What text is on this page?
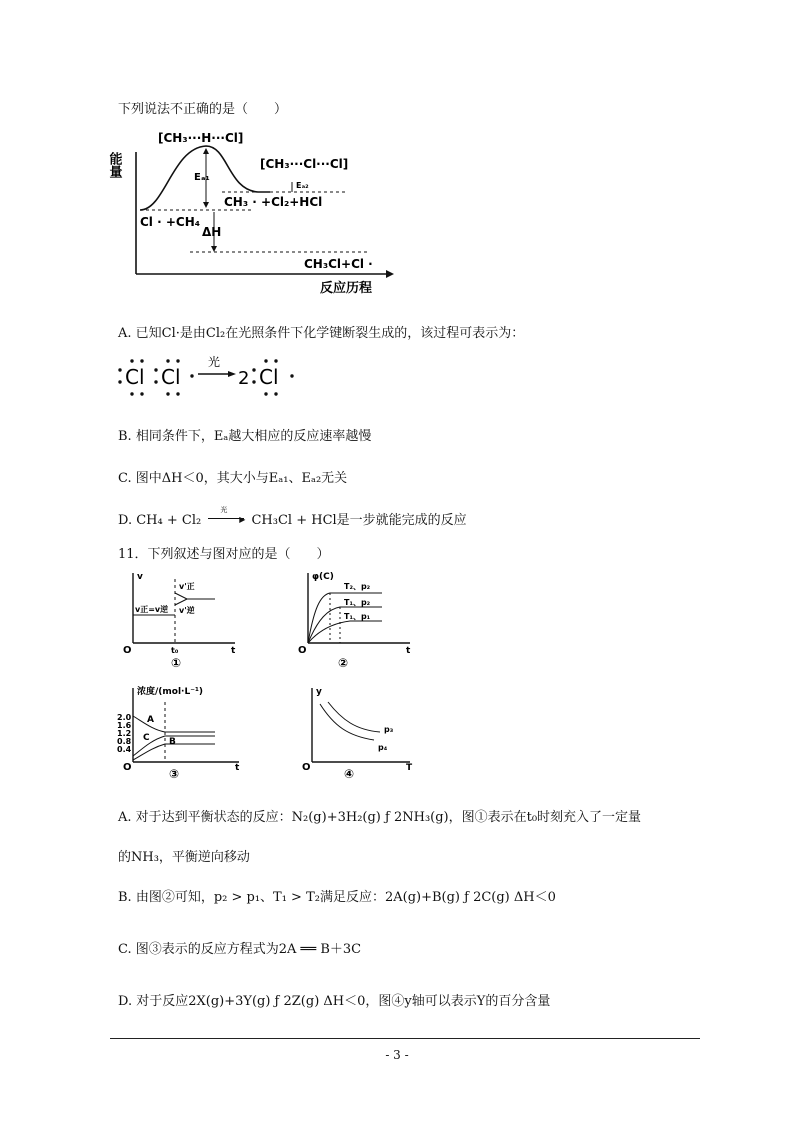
下列说法不正确的是（　　）
能量
反应历程
[CH₃···H···Cl]
[CH₃···Cl···Cl]
Eₐ₁
Eₐ₂
CH₃ · +Cl₂+HCl
Cl · +CH₄
ΔH
CH₃Cl+Cl ·
A. 已知Cl·是由Cl₂在光照条件下化学键断裂生成的，该过程可表示为：
Cl Cl
光
2 Cl
B. 相同条件下，Eₐ越大相应的反应速率越慢
C. 图中ΔH＜0，其大小与Eₐ₁、Eₐ₂无关
D. CH₄ + Cl₂
光
▶ CH₃Cl + HCl是一步就能完成的反应
11．下列叙述与图对应的是（　　）
v
O	t
v正=v逆
v'正
v'逆
t₀
①
φ(C)
O	t
T₂、p₂
T₁、p₂
T₁、p₁
②
浓度/(mol·L⁻¹)
O	t
2.0
1.6
1.2
0.8
0.4
A
B
C
③
y
O	T
p₃
p₄
④
A. 对于达到平衡状态的反应：N₂(g)+3H₂(g) ƒ 2NH₃(g)，图①表示在t₀时刻充入了一定量
的NH₃，平衡逆向移动
B. 由图②可知，p₂ > p₁、T₁ > T₂满足反应：2A(g)+B(g) ƒ 2C(g) ΔH＜0
C. 图③表示的反应方程式为2A ══ B＋3C
D. 对于反应2X(g)+3Y(g) ƒ 2Z(g) ΔH＜0，图④y轴可以表示Y的百分含量
- 3 -
